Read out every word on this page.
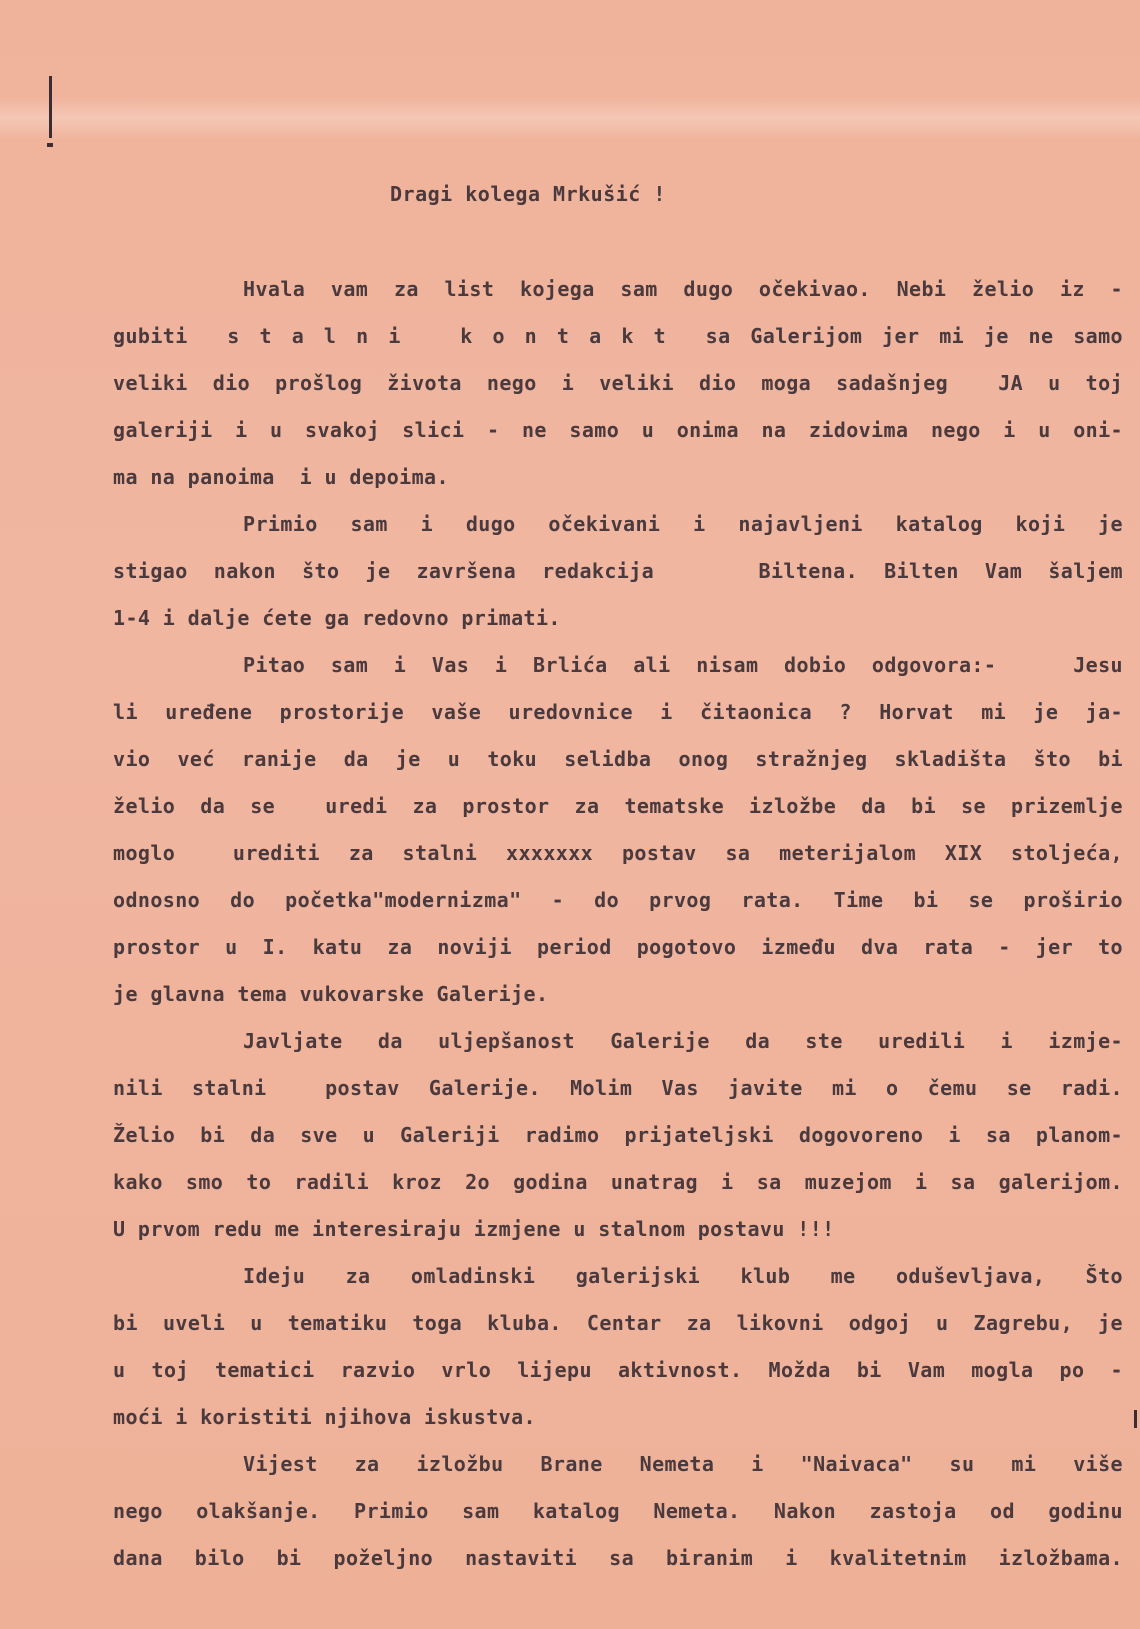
Dragi kolega Mrkušić !

Hvala vam za list kojega sam dugo očekivao. Nebi želio iz -
gubiti  s t a l n i   k o n t a k t  sa Galerijom jer mi je ne samo
veliki dio prošlog života nego i veliki dio moga sadašnjeg  JA u toj
galeriji i u svakoj slici - ne samo u onima na zidovima nego i u oni-
ma na panoima  i u depoima.
Primio sam i dugo očekivani i najavljeni katalog koji je
stigao nakon što je završena redakcija    Biltena. Bilten Vam šaljem
1-4 i dalje ćete ga redovno primati.
Pitao sam i Vas i Brlića ali nisam dobio odgovora:-   Jesu
li uređene prostorije vaše uredovnice i čitaonica ? Horvat mi je ja-
vio već ranije da je u toku selidba onog stražnjeg skladišta što bi
želio da se  uredi za prostor za tematske izložbe da bi se prizemlje
moglo  urediti za stalni xxxxxxx postav sa meterijalom XIX stoljeća,
odnosno do početka"modernizma" - do prvog rata. Time bi se proširio
prostor u I. katu za noviji period pogotovo između dva rata - jer to
je glavna tema vukovarske Galerije.
Javljate da uljepšanost Galerije da ste uredili i izmje-
nili stalni  postav Galerije. Molim Vas javite mi o čemu se radi.
Želio bi da sve u Galeriji radimo prijateljski dogovoreno i sa planom-
kako smo to radili kroz 2o godina unatrag i sa muzejom i sa galerijom.
U prvom redu me interesiraju izmjene u stalnom postavu !!!
Ideju za omladinski galerijski klub me oduševljava, Što
bi uveli u tematiku toga kluba. Centar za likovni odgoj u Zagrebu, je
u toj tematici razvio vrlo lijepu aktivnost. Možda bi Vam mogla po -
moći i koristiti njihova iskustva.
Vijest za izložbu Brane Nemeta i "Naivaca" su mi više
nego olakšanje. Primio sam katalog Nemeta. Nakon zastoja od godinu
dana bilo bi poželjno nastaviti sa biranim i kvalitetnim izložbama.
